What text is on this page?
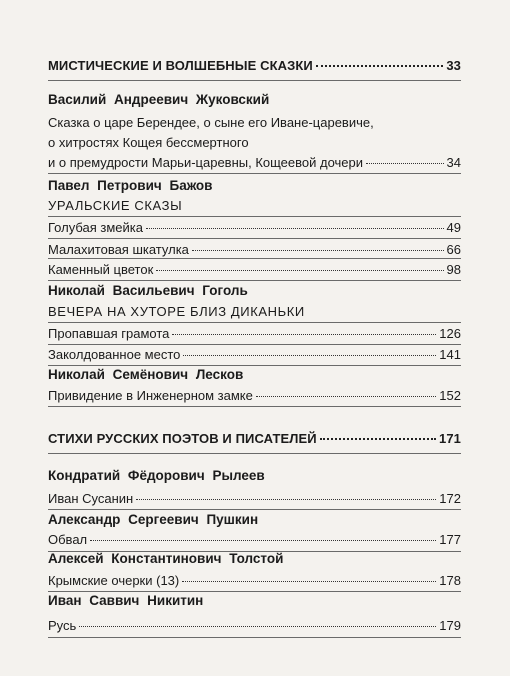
МИСТИЧЕСКИЕ И ВОЛШЕБНЫЕ СКАЗКИ	33
Василий Андреевич Жуковский
Сказка о царе Берендее, о сыне его Иване-царевиче,
о хитростях Кощея бессмертного
и о премудрости Марьи-царевны, Кощеевой дочери	34
Павел Петрович Бажов
УРАЛЬСКИЕ СКАЗЫ
Голубая змейка	49
Малахитовая шкатулка	66
Каменный цветок	98
Николай Васильевич Гоголь
ВЕЧЕРА НА ХУТОРЕ БЛИЗ ДИКАНЬКИ
Пропавшая грамота	126
Заколдованное место	141
Николай Семёнович Лесков
Привидение в Инженерном замке	152
СТИХИ РУССКИХ ПОЭТОВ И ПИСАТЕЛЕЙ	171
Кондратий Фёдорович Рылеев
Иван Сусанин	172
Александр Сергеевич Пушкин
Обвал	177
Алексей Константинович Толстой
Крымские очерки (13)	178
Иван Саввич Никитин
Русь	179
